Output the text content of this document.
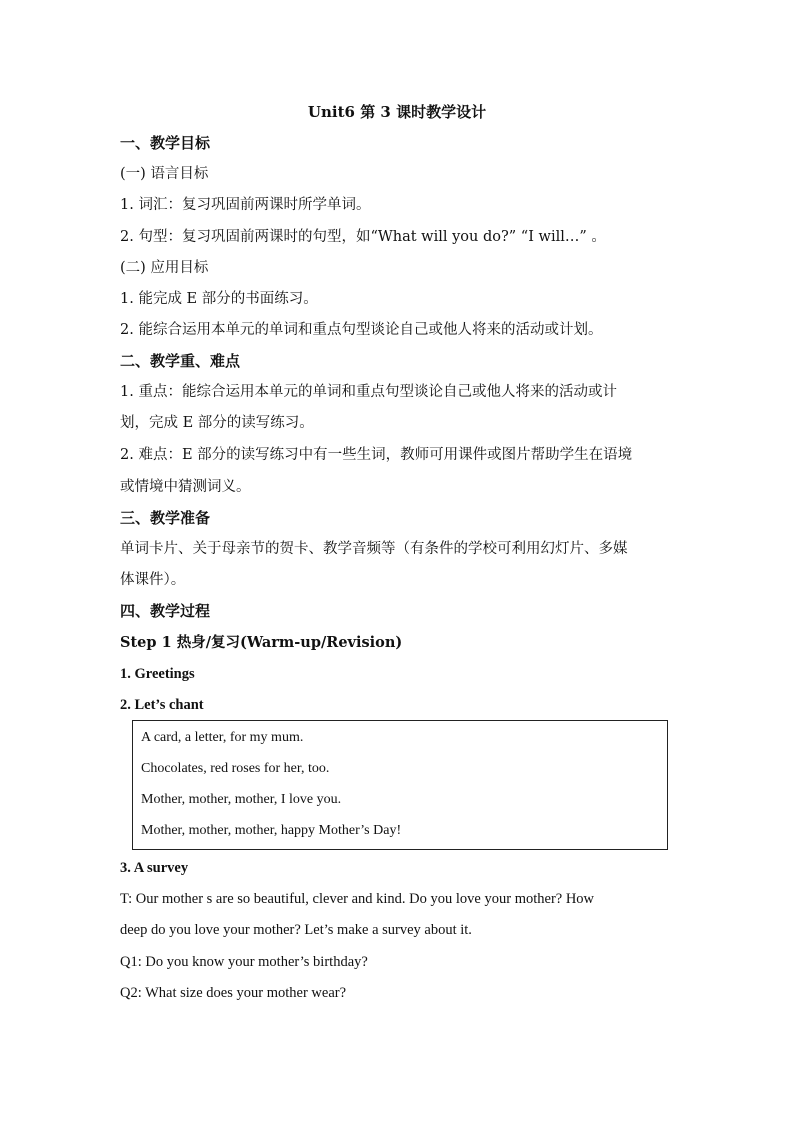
Unit6 第 3 课时教学设计
一、教学目标
(一) 语言目标
1. 词汇：复习巩固前两课时所学单词。
2. 句型：复习巩固前两课时的句型，如“What will you do?” “I will…” 。
(二) 应用目标
1. 能完成 E 部分的书面练习。
2. 能综合运用本单元的单词和重点句型谈论自己或他人将来的活动或计划。
二、教学重、难点
1. 重点：能综合运用本单元的单词和重点句型谈论自己或他人将来的活动或计
划，完成 E 部分的读写练习。
2. 难点：E 部分的读写练习中有一些生词，教师可用课件或图片帮助学生在语境
或情境中猜测词义。
三、教学准备
单词卡片、关于母亲节的贺卡、教学音频等（有条件的学校可利用幻灯片、多媒
体课件）。
四、教学过程
Step 1 热身/复习(Warm-up/Revision)
1. Greetings
2. Let’s chant
A card, a letter, for my mum.
Chocolates, red roses for her, too.
Mother, mother, mother, I love you.
Mother, mother, mother, happy Mother’s Day!
3. A survey
T: Our mother s are so beautiful, clever and kind. Do you love your mother? How
deep do you love your mother? Let’s make a survey about it.
Q1: Do you know your mother’s birthday?
Q2: What size does your mother wear?
